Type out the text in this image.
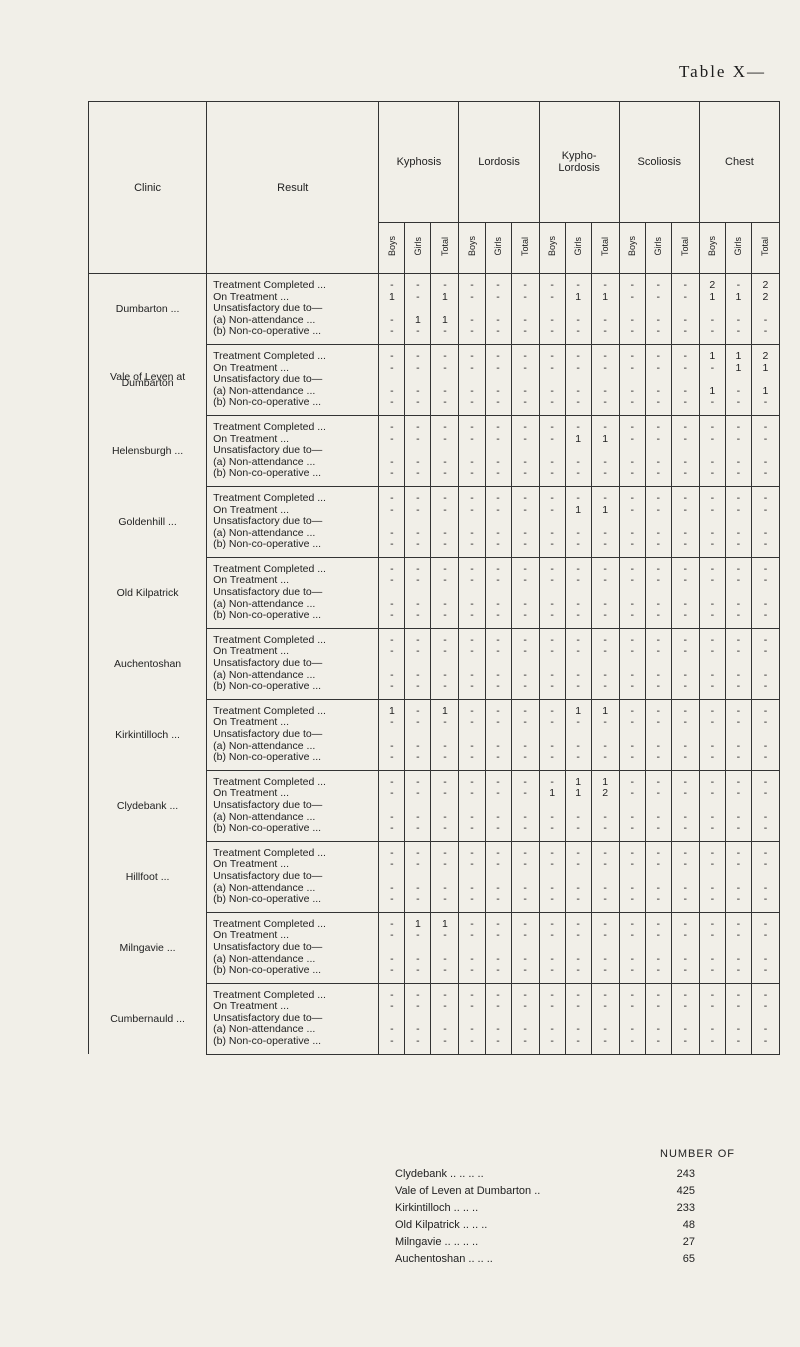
Table X—
Clinic	Result	Kyphosis			Lordosis			Kypho- Lordosis			Scoliosis			Chest		
		Boys	Girls	Total	Boys	Girls	Total	Boys	Girls	Total	Boys	Girls	Total	Boys	Girls	Total
Dumbarton ...																
	Treatment Completed ...	-	-	-	-	-	-	-	-	-	-	-	-	2	-	2
	On Treatment ...	1	-	1	-	-	-	-	1	1	-	-	-	1	1	2
	Unsatisfactory due to—															
	(a) Non-attendance ...	-	1	1	-	-	-	-	-	-	-	-	-	-	-	-
	(b) Non-co-operative ...	-	-	-	-	-	-	-	-	-	-	-	-	-	-	-

Vale of Leven at Dumbarton																
	Treatment Completed ...	-	-	-	-	-	-	-	-	-	-	-	-	1	1	2
	On Treatment ...	-	-	-	-	-	-	-	-	-	-	-	-	-	1	1
	Unsatisfactory due to—															
	(a) Non-attendance ...	-	-	-	-	-	-	-	-	-	-	-	-	1	-	1
	(b) Non-co-operative ...	-	-	-	-	-	-	-	-	-	-	-	-	-	-	-

Helensburgh ...																
	Treatment Completed ...	-	-	-	-	-	-	-	-	-	-	-	-	-	-	-
	On Treatment ...	-	-	-	-	-	-	-	1	1	-	-	-	-	-	-
	Unsatisfactory due to—															
	(a) Non-attendance ...	-	-	-	-	-	-	-	-	-	-	-	-	-	-	-
	(b) Non-co-operative ...	-	-	-	-	-	-	-	-	-	-	-	-	-	-	-

Goldenhill ...																
	Treatment Completed ...	-	-	-	-	-	-	-	-	-	-	-	-	-	-	-
	On Treatment ...	-	-	-	-	-	-	-	1	1	-	-	-	-	-	-
	Unsatisfactory due to—															
	(a) Non-attendance ...	-	-	-	-	-	-	-	-	-	-	-	-	-	-	-
	(b) Non-co-operative ...	-	-	-	-	-	-	-	-	-	-	-	-	-	-	-

Old Kilpatrick																
	Treatment Completed ...	-	-	-	-	-	-	-	-	-	-	-	-	-	-	-
	On Treatment ...	-	-	-	-	-	-	-	-	-	-	-	-	-	-	-
	Unsatisfactory due to—															
	(a) Non-attendance ...	-	-	-	-	-	-	-	-	-	-	-	-	-	-	-
	(b) Non-co-operative ...	-	-	-	-	-	-	-	-	-	-	-	-	-	-	-

Auchentoshan																
	Treatment Completed ...	-	-	-	-	-	-	-	-	-	-	-	-	-	-	-
	On Treatment ...	-	-	-	-	-	-	-	-	-	-	-	-	-	-	-
	Unsatisfactory due to—															
	(a) Non-attendance ...	-	-	-	-	-	-	-	-	-	-	-	-	-	-	-
	(b) Non-co-operative ...	-	-	-	-	-	-	-	-	-	-	-	-	-	-	-

Kirkintilloch ...																
	Treatment Completed ...	1	-	1	-	-	-	-	1	1	-	-	-	-	-	-
	On Treatment ...	-	-	-	-	-	-	-	-	-	-	-	-	-	-	-
	Unsatisfactory due to—															
	(a) Non-attendance ...	-	-	-	-	-	-	-	-	-	-	-	-	-	-	-
	(b) Non-co-operative ...	-	-	-	-	-	-	-	-	-	-	-	-	-	-	-

Clydebank ...																
	Treatment Completed ...	-	-	-	-	-	-	-	1	1	-	-	-	-	-	-
	On Treatment ...	-	-	-	-	-	-	1	1	2	-	-	-	-	-	-
	Unsatisfactory due to—															
	(a) Non-attendance ...	-	-	-	-	-	-	-	-	-	-	-	-	-	-	-
	(b) Non-co-operative ...	-	-	-	-	-	-	-	-	-	-	-	-	-	-	-

Hillfoot ...																
	Treatment Completed ...	-	-	-	-	-	-	-	-	-	-	-	-	-	-	-
	On Treatment ...	-	-	-	-	-	-	-	-	-	-	-	-	-	-	-
	Unsatisfactory due to—															
	(a) Non-attendance ...	-	-	-	-	-	-	-	-	-	-	-	-	-	-	-
	(b) Non-co-operative ...	-	-	-	-	-	-	-	-	-	-	-	-	-	-	-

Milngavie ...																
	Treatment Completed ...	-	1	1	-	-	-	-	-	-	-	-	-	-	-	-
	On Treatment ...	-	-	-	-	-	-	-	-	-	-	-	-	-	-	-
	Unsatisfactory due to—															
	(a) Non-attendance ...	-	-	-	-	-	-	-	-	-	-	-	-	-	-	-
	(b) Non-co-operative ...	-	-	-	-	-	-	-	-	-	-	-	-	-	-	-

Cumbernauld ...																
	Treatment Completed ...	-	-	-	-	-	-	-	-	-	-	-	-	-	-	-
	On Treatment ...	-	-	-	-	-	-	-	-	-	-	-	-	-	-	-
	Unsatisfactory due to—															
	(a) Non-attendance ...	-	-	-	-	-	-	-	-	-	-	-	-	-	-	-
	(b) Non-co-operative ...	-	-	-	-	-	-	-	-	-	-	-	-	-	-	-

NUMBER OF
Clydebank .. .. .. ..	243
Vale of Leven at Dumbarton ..	425
Kirkintilloch .. .. ..	233
Old Kilpatrick .. .. ..	48
Milngavie .. .. .. ..	27
Auchentoshan .. .. ..	65
